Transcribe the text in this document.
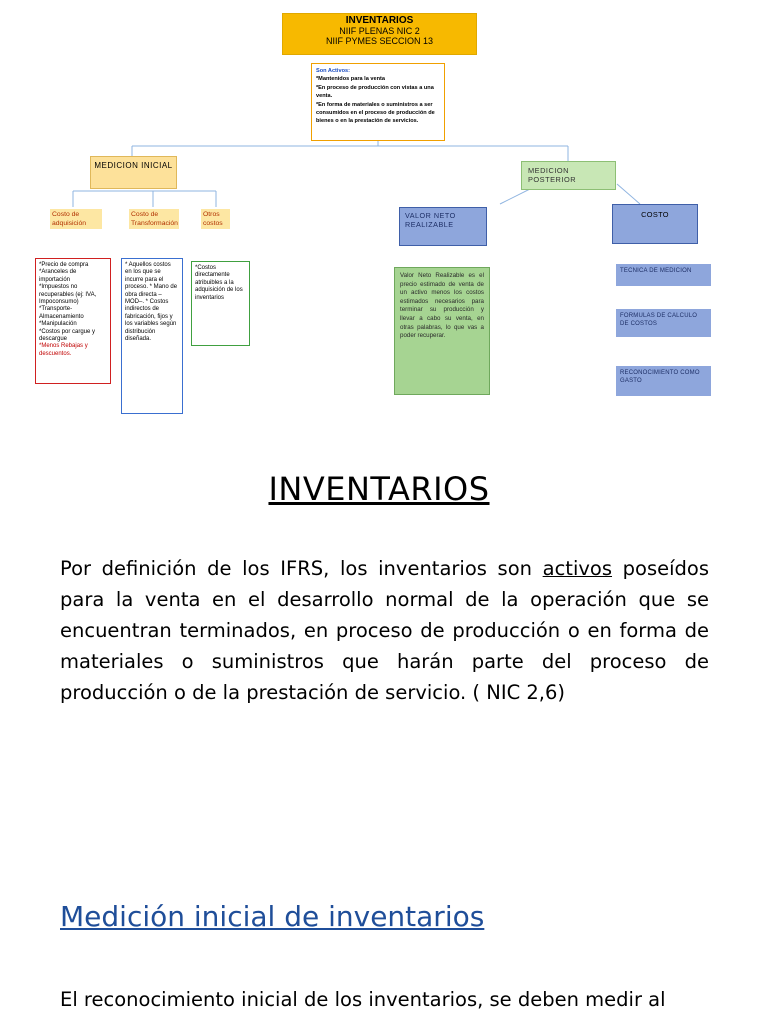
INVENTARIOS
NIIF PLENAS NIC 2
NIIF PYMES SECCION 13
Son Activos:
*Mantenidos para la venta
*En proceso de producción con vistas a una venta.
*En forma de materiales o suministros a ser consumidos en el proceso de producción de bienes o en la prestación de servicios.
MEDICION INICIAL
Costo de adquisición
Costo de Transformación
Otros costos
*Precio de compra
*Aranceles de importación
*Impuestos no recuperables (ej: IVA, Impoconsumo)
*Transporte-Almacenamiento
*Manipulación
*Costos por cargue y descargue
*Menos Rebajas y descuentos.
* Aquellos costos en los que se incurre para el proceso. * Mano de obra directa – MOD–. * Costos indirectos de fabricación, fijos y los variables según distribución diseñada.
*Costos directamente atribuibles a la adquisición de los inventarios
MEDICION POSTERIOR
VALOR NETO REALIZABLE
COSTO
Valor Neto Realizable es el precio estimado de venta de un activo menos los costos estimados necesarios para terminar su producción y llevar a cabo su venta, en otras palabras, lo que vas a poder recuperar.
TECNICA DE MEDICION
FORMULAS DE CALCULO DE COSTOS
RECONOCIMIENTO COMO GASTO
INVENTARIOS
Por definición de los IFRS, los inventarios son activos poseídos para la venta en el desarrollo normal de la operación que se encuentran terminados, en proceso de producción o en forma de materiales o suministros que harán parte del proceso de producción o de la prestación de servicio. ( NIC 2,6)
Medición inicial de inventarios
El reconocimiento inicial de los inventarios, se deben medir al
